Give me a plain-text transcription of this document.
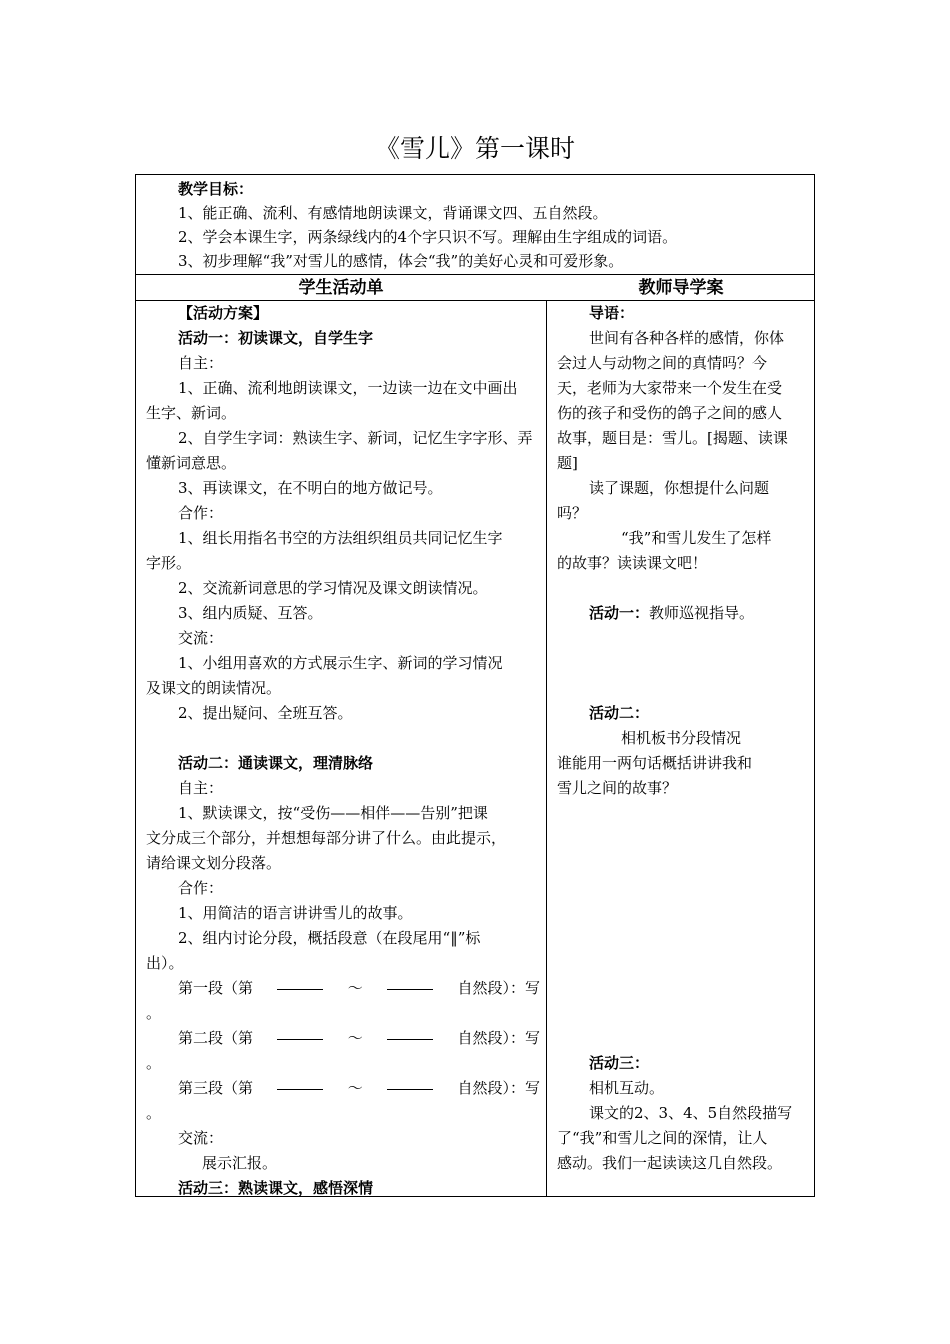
《雪儿》第一课时
教学目标：
1、能正确、流利、有感情地朗读课文，背诵课文四、五自然段。
2、学会本课生字，两条绿线内的4个字只识不写。理解由生字组成的词语。
3、初步理解“我”对雪儿的感情，体会“我”的美好心灵和可爱形象。
学生活动单	教师导学案
【活动方案】
活动一：初读课文，自学生字
自主：
1、正确、流利地朗读课文，一边读一边在文中画出
生字、新词。
2、自学生字词：熟读生字、新词，记忆生字字形、弄
懂新词意思。
3、再读课文，在不明白的地方做记号。
合作：
1、组长用指名书空的方法组织组员共同记忆生字
字形。
2、交流新词意思的学习情况及课文朗读情况。
3、组内质疑、互答。
交流：
1、小组用喜欢的方式展示生字、新词的学习情况
及课文的朗读情况。
2、提出疑问、全班互答。
活动二：通读课文，理清脉络
自主：
1、默读课文，按“受伤——相伴——告别”把课
文分成三个部分，并想想每部分讲了什么。由此提示，
请给课文划分段落。
合作：
1、用简洁的语言讲讲雪儿的故事。
2、组内讨论分段，概括段意（在段尾用“‖”标
出）。
第一段（第	～	自然段）：写
。
第二段（第	～	自然段）：写
。
第三段（第	～	自然段）：写
。
交流：
展示汇报。
活动三：熟读课文，感悟深情
导语：
世间有各种各样的感情，你体
会过人与动物之间的真情吗？今
天，老师为大家带来一个发生在受
伤的孩子和受伤的鸽子之间的感人
故事，题目是：雪儿。[揭题、读课
题]
读了课题，你想提什么问题
吗？
“我”和雪儿发生了怎样
的故事？读读课文吧！
活动一：教师巡视指导。
活动二：
相机板书分段情况
谁能用一两句话概括讲讲我和
雪儿之间的故事？
活动三：
相机互动。
课文的2、3、4、5自然段描写
了“我”和雪儿之间的深情，让人
感动。我们一起读读这几自然段。
